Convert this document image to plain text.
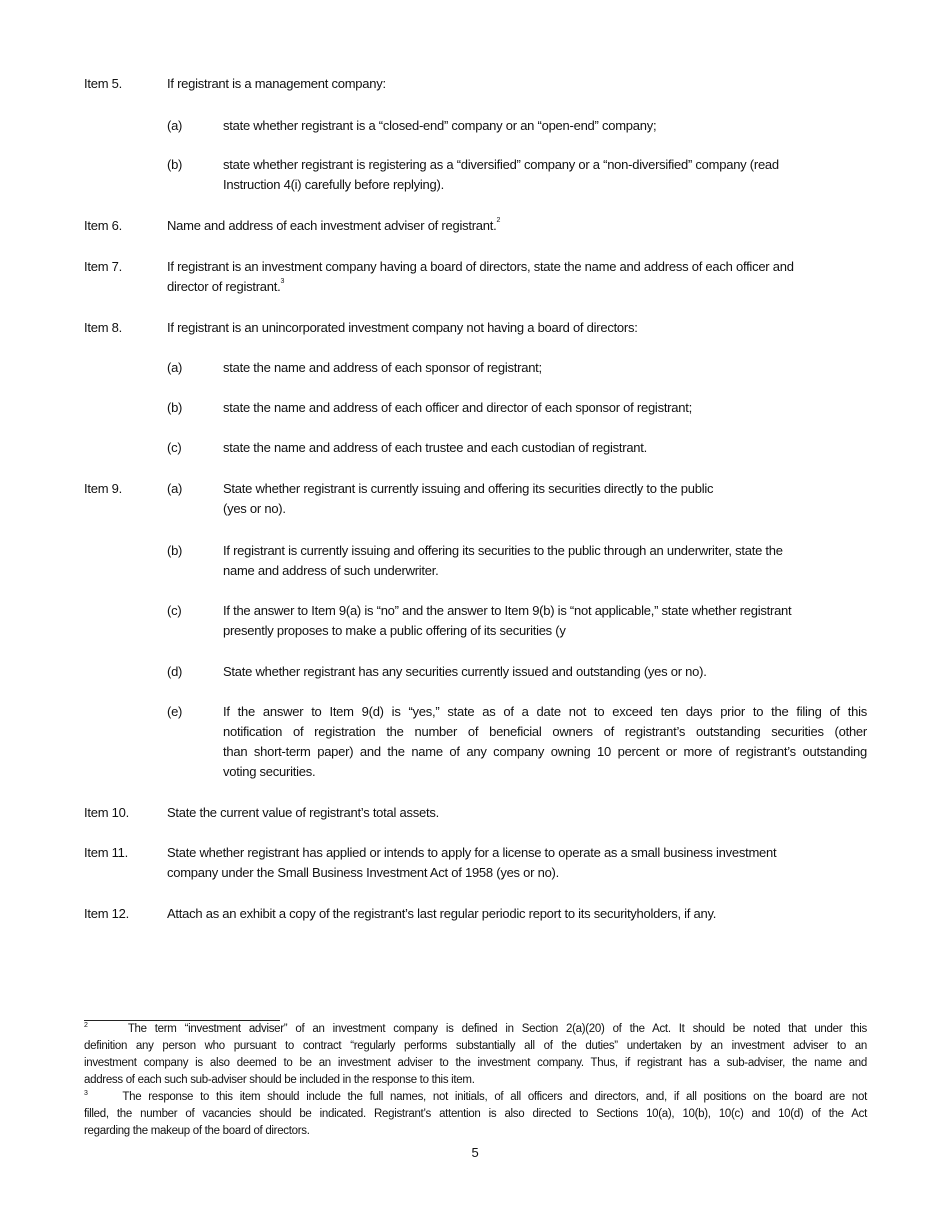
Item 5.	If registrant is a management company:
(a)	state whether registrant is a “closed-end” company or an “open-end” company;
(b)	state whether registrant is registering as a “diversified” company or a “non-diversified” company (read
Instruction 4(i) carefully before replying).
Item 6.	Name and address of each investment adviser of registrant.$^2$
Item 7.	If registrant is an investment company having a board of directors, state the name and address of each officer and
director of registrant.$^3$
Item 8.	If registrant is an unincorporated investment company not having a board of directors:
(a)	state the name and address of each sponsor of registrant;
(b)	state the name and address of each officer and director of each sponsor of registrant;
(c)	state the name and address of each trustee and each custodian of registrant.
Item 9.	(a)	State whether registrant is currently issuing and offering its securities directly to the public
(yes or no).
(b)	If registrant is currently issuing and offering its securities to the public through an underwriter, state the
name and address of such underwriter.
(c)	If the answer to Item 9(a) is “no” and the answer to Item 9(b) is “not applicable,” state whether registrant
presently proposes to make a public offering of its securities (y
(d)	State whether registrant has any securities currently issued and outstanding (yes or no).
(e)	If the answer to Item 9(d) is “yes,” state as of a date not to exceed ten days prior to the filing of this
notification of registration the number of beneficial owners of registrant’s outstanding securities (other
than short-term paper) and the name of any company owning 10 percent or more of registrant’s outstanding
voting securities.
Item 10.	State the current value of registrant’s total assets.
Item 11.	State whether registrant has applied or intends to apply for a license to operate as a small business investment
company under the Small Business Investment Act of 1958 (yes or no).
Item 12.	Attach as an exhibit a copy of the registrant’s last regular periodic report to its securityholders, if any.
$^2$	The term “investment adviser” of an investment company is defined in Section 2(a)(20) of the Act. It should be noted that under this
definition any person who pursuant to contract “regularly performs substantially all of the duties” undertaken by an investment adviser to an
investment company is also deemed to be an investment adviser to the investment company. Thus, if registrant has a sub-adviser, the name and
address of each such sub-adviser should be included in the response to this item.
$^3$	The response to this item should include the full names, not initials, of all officers and directors, and, if all positions on the board are not
filled, the number of vacancies should be indicated. Registrant’s attention is also directed to Sections 10(a), 10(b), 10(c) and 10(d) of the Act
regarding the makeup of the board of directors.
5
